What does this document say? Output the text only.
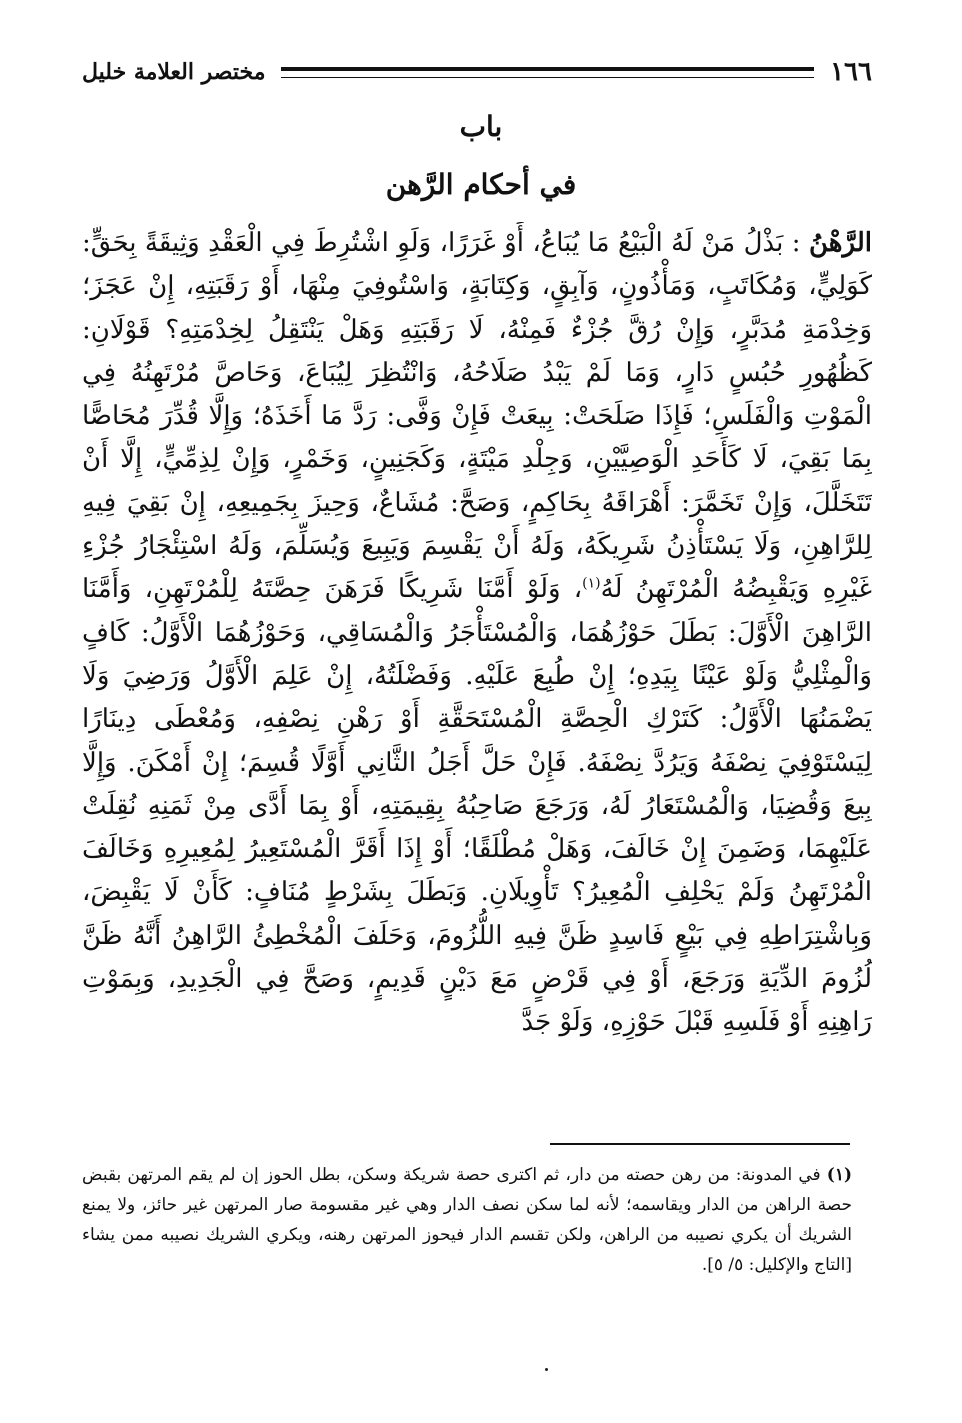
١٦٦
مختصر العلامة خليل
باب
في أحكام الرَّهن
الرَّهْنُ : بَذْلُ مَنْ لَهُ الْبَيْعُ مَا يُبَاعُ، أَوْ غَرَرًا، وَلَوِ اشْتُرِطَ فِي الْعَقْدِ وَثِيقَةً بِحَقٍّ: كَوَلِيٍّ، وَمُكَاتَبٍ، وَمَأْذُونٍ، وَآبِقٍ، وَكِتَابَةٍ، وَاسْتُوفِيَ مِنْهَا، أَوْ رَقَبَتِهِ، إِنْ عَجَزَ؛ وَخِدْمَةِ مُدَبَّرٍ، وَإِنْ رُقَّ جُزْءٌ فَمِنْهُ، لَا رَقَبَتِهِ وَهَلْ يَنْتَقِلُ لِخِدْمَتِهِ؟ قَوْلَانِ: كَظُهُورِ حُبُسٍ دَارٍ، وَمَا لَمْ يَبْدُ صَلَاحُهُ، وَانْتُظِرَ لِيُبَاعَ، وَحَاصَّ مُرْتَهِنُهُ فِي الْمَوْتِ وَالْفَلَسِ؛ فَإِذَا صَلَحَتْ: بِيعَتْ فَإِنْ وَفَّى: رَدَّ مَا أَخَذَهُ؛ وَإِلَّا قُدِّرَ مُحَاصًّا بِمَا بَقِيَ، لَا كَأَحَدِ الْوَصِيَّيْنِ، وَجِلْدِ مَيْتَةٍ، وَكَجَنِينٍ، وَخَمْرٍ، وَإِنْ لِذِمِّيٍّ، إِلَّا أَنْ تَتَخَلَّلَ، وَإِنْ تَخَمَّرَ: أَهْرَاقَهُ بِحَاكِمٍ، وَصَحَّ: مُشَاعٌ، وَحِيزَ بِجَمِيعِهِ، إِنْ بَقِيَ فِيهِ لِلرَّاهِنِ، وَلَا يَسْتَأْذِنُ شَرِيكَهُ، وَلَهُ أَنْ يَقْسِمَ وَيَبِيعَ وَيُسَلِّمَ، وَلَهُ اسْتِئْجَارُ جُزْءِ غَيْرِهِ وَيَقْبِضُهُ الْمُرْتَهِنُ لَهُ$^{(١)}$، وَلَوْ أَمَّنَا شَرِيكًا فَرَهَنَ حِصَّتَهُ لِلْمُرْتَهِنِ، وَأَمَّنَا الرَّاهِنَ الْأَوَّلَ: بَطَلَ حَوْزُهُمَا، وَالْمُسْتَأْجَرُ وَالْمُسَاقِي، وَحَوْزُهُمَا الْأَوَّلُ: كَافٍ وَالْمِثْلِيُّ وَلَوْ عَيْنًا بِيَدِهِ؛ إِنْ طُبِعَ عَلَيْهِ. وَفَضْلَتُهُ، إِنْ عَلِمَ الْأَوَّلُ وَرَضِيَ وَلَا يَضْمَنُهَا الْأَوَّلُ: كَتَرْكِ الْحِصَّةِ الْمُسْتَحَقَّةِ أَوْ رَهْنِ نِصْفِهِ، وَمُعْطَى دِينَارًا لِيَسْتَوْفِيَ نِصْفَهُ وَيَرُدَّ نِصْفَهُ. فَإِنْ حَلَّ أَجَلُ الثَّانِي أَوَّلًا قُسِمَ؛ إِنْ أَمْكَنَ. وَإِلَّا بِيعَ وَقُضِيَا، وَالْمُسْتَعَارُ لَهُ، وَرَجَعَ صَاحِبُهُ بِقِيمَتِهِ، أَوْ بِمَا أَدَّى مِنْ ثَمَنِهِ نُقِلَتْ عَلَيْهِمَا، وَضَمِنَ إِنْ خَالَفَ، وَهَلْ مُطْلَقًا؛ أَوْ إِذَا أَقَرَّ الْمُسْتَعِيرُ لِمُعِيرِهِ وَخَالَفَ الْمُرْتَهِنُ وَلَمْ يَحْلِفِ الْمُعِيرُ؟ تَأْوِيلَانِ. وَبَطَلَ بِشَرْطٍ مُنَافٍ: كَأَنْ لَا يَقْبِضَ، وَبِاشْتِرَاطِهِ فِي بَيْعٍ فَاسِدٍ ظَنَّ فِيهِ اللُّزُومَ، وَحَلَفَ الْمُخْطِئُ الرَّاهِنُ أَنَّهُ ظَنَّ لُزُومَ الدِّيَةِ وَرَجَعَ، أَوْ فِي قَرْضٍ مَعَ دَيْنٍ قَدِيمٍ، وَصَحَّ فِي الْجَدِيدِ، وَبِمَوْتِ رَاهِنِهِ أَوْ فَلَسِهِ قَبْلَ حَوْزِهِ، وَلَوْ جَدَّ
(١) في المدونة: من رهن حصته من دار، ثم اكترى حصة شريكة وسكن، بطل الحوز إن لم يقم المرتهن بقبض حصة الراهن من الدار ويقاسمه؛ لأنه لما سكن نصف الدار وهي غير مقسومة صار المرتهن غير حائز، ولا يمنع الشريك أن يكري نصيبه من الراهن، ولكن تقسم الدار فيحوز المرتهن رهنه، ويكري الشريك نصيبه ممن يشاء [التاج والإكليل: ٥/ ٥].
